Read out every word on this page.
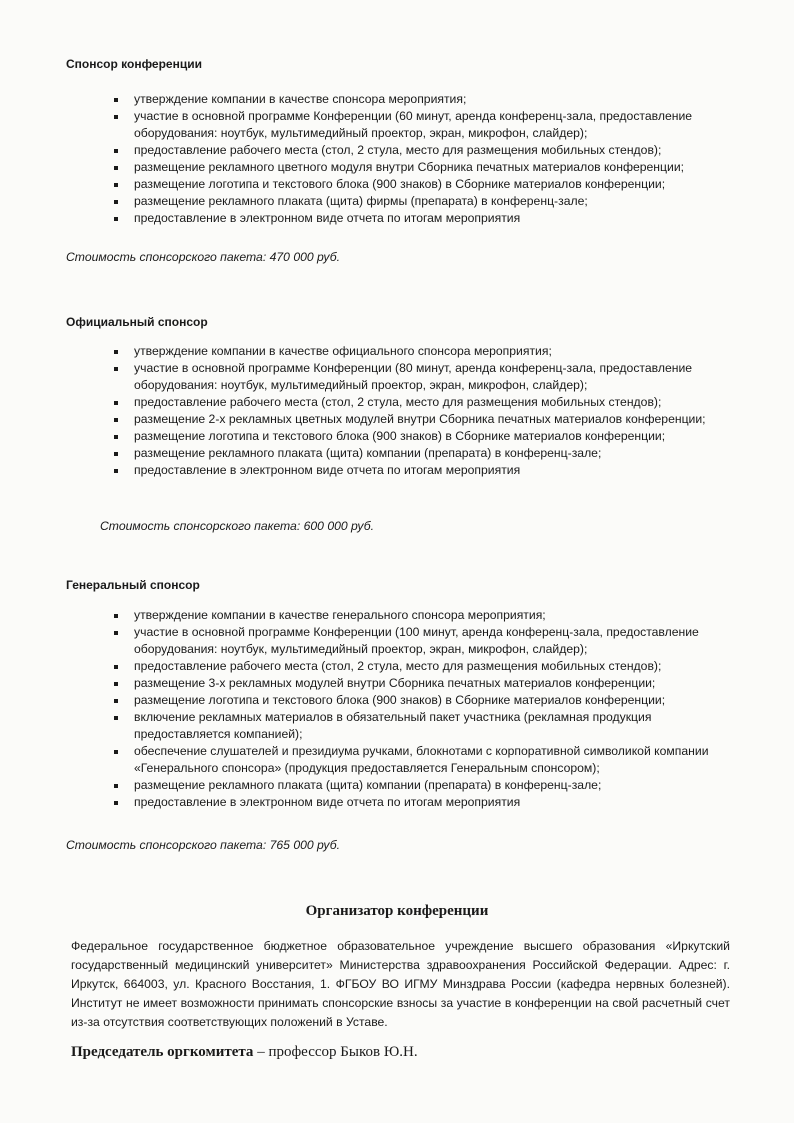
Спонсор конференции
утверждение компании в качестве спонсора мероприятия;
участие в основной программе Конференции (60 минут, аренда конференц-зала, предоставление оборудования: ноутбук, мультимедийный проектор, экран, микрофон, слайдер);
предоставление рабочего места (стол, 2 стула, место для размещения мобильных стендов);
размещение рекламного цветного модуля внутри Сборника печатных материалов конференции;
размещение логотипа и текстового блока (900 знаков) в Сборнике материалов конференции;
размещение рекламного плаката (щита) фирмы (препарата) в конференц-зале;
предоставление в электронном виде отчета по итогам мероприятия
Стоимость спонсорского пакета: 470 000 руб.
Официальный спонсор
утверждение компании в качестве официального спонсора мероприятия;
участие в основной программе Конференции (80 минут, аренда конференц-зала, предоставление оборудования: ноутбук, мультимедийный проектор, экран, микрофон, слайдер);
предоставление рабочего места (стол, 2 стула, место для размещения мобильных стендов);
размещение 2-х рекламных цветных модулей внутри Сборника печатных материалов конференции;
размещение логотипа и текстового блока (900 знаков) в Сборнике материалов конференции;
размещение рекламного плаката (щита) компании (препарата) в конференц-зале;
предоставление в электронном виде отчета по итогам мероприятия
Стоимость спонсорского пакета: 600 000 руб.
Генеральный спонсор
утверждение компании в качестве генерального спонсора мероприятия;
участие в основной программе Конференции (100 минут, аренда конференц-зала, предоставление оборудования: ноутбук, мультимедийный проектор, экран, микрофон, слайдер);
предоставление рабочего места (стол, 2 стула, место для размещения мобильных стендов);
размещение 3-х рекламных модулей внутри Сборника печатных материалов конференции;
размещение логотипа и текстового блока (900 знаков) в Сборнике материалов конференции;
включение рекламных материалов в обязательный пакет участника (рекламная продукция предоставляется компанией);
обеспечение слушателей и президиума ручками, блокнотами с корпоративной символикой компании «Генерального спонсора» (продукция предоставляется Генеральным спонсором);
размещение рекламного плаката (щита) компании (препарата) в конференц-зале;
предоставление в электронном виде отчета по итогам мероприятия
Стоимость спонсорского пакета: 765 000 руб.
Организатор конференции
Федеральное государственное бюджетное образовательное учреждение высшего образования «Иркутский государственный медицинский университет» Министерства здравоохранения Российской Федерации. Адрес: г. Иркутск, 664003, ул. Красного Восстания, 1. ФГБОУ ВО ИГМУ Минздрава России (кафедра нервных болезней). Институт не имеет возможности принимать спонсорские взносы за участие в конференции на свой расчетный счет из-за отсутствия соответствующих положений в Уставе.
Председатель оргкомитета – профессор Быков Ю.Н.
